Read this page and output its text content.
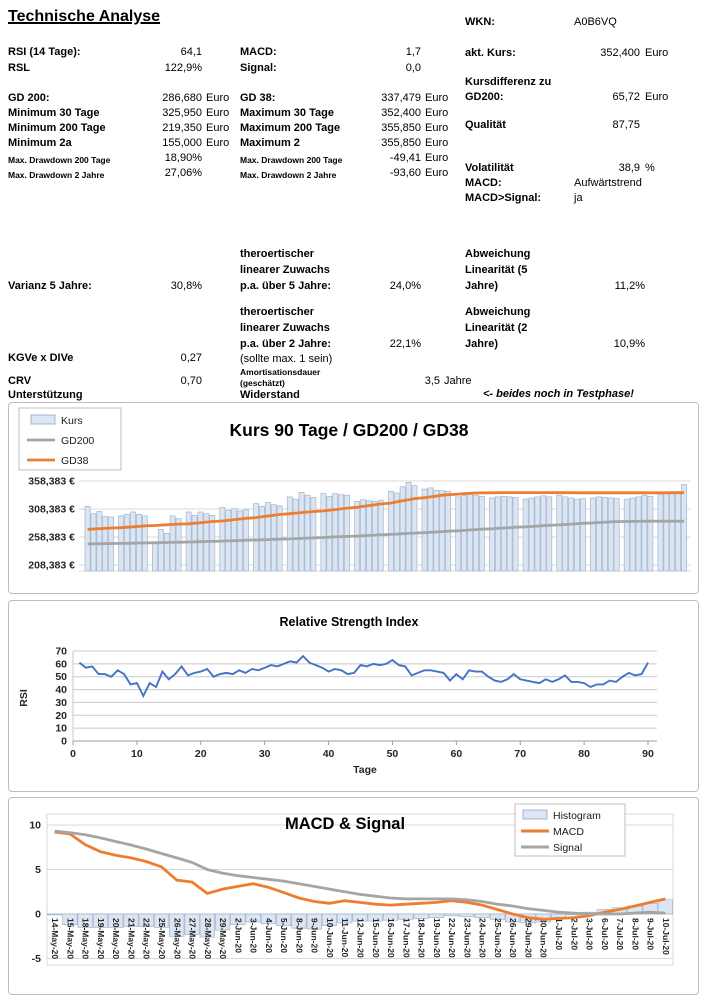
Technische Analyse	WKN:	A0B6VQ
RSI (14 Tage):	64,1
RSL	122,9%
GD 200:	286,680 Euro
Minimum 30 Tage	325,950 Euro
Minimum 200 Tage	219,350 Euro
Minimum 2a	155,000 Euro
Max. Drawdown 200 Tage	18,90%
Max. Drawdown 2 Jahre	27,06%
MACD:	1,7
Signal:	0,0
GD 38:	337,479 Euro
Maximum 30 Tage	352,400 Euro
Maximum 200 Tage	355,850 Euro
Maximum 2	355,850 Euro
Max. Drawdown 200 Tage	-49,41 Euro
Max. Drawdown 2 Jahre	-93,60 Euro
akt. Kurs:	352,400 Euro
Kursdifferenz zu
GD200:	65,72 Euro
Qualität	87,75
Volatilität	38,9 %
MACD:	Aufwärtstrend
MACD>Signal:	ja
Varianz 5 Jahre:	30,8%
KGVe x DIVe	0,27
CRV	0,70
Unterstützung
theroertischer
linearer Zuwachs
p.a. über 5 Jahre:	24,0%
theroertischer
linearer Zuwachs
p.a. über 2 Jahre:	22,1%
(sollte max. 1 sein)
Amortisationsdauer
(geschätzt)	3,5 Jahre
Widerstand
Abweichung
Linearität (5
Jahre)	11,2%
Abweichung
Linearität (2
Jahre)	10,9%
<- beides noch in Testphase!
358,383 €
308,383 €
258,383 €
208,383 €
Kurs 90 Tage / GD200 / GD38
Kurs
GD200
GD38
0
10
20
30
40
50
60
70
0	10	20	30	40	50	60	70	80	90
Relative Strength Index
RSI
Tage
10
5
0
-5 14-May-20 15-May-20 18-May-20 19-May-20 20-May-20 21-May-20 22-May-20 25-May-20 26-May-20 27-May-20 28-May-20 29-May-20 2-Jun-20 3-Jun-20 4-Jun-20 5-Jun-20 8-Jun-20 9-Jun-20 10-Jun-20 11-Jun-20 12-Jun-20 15-Jun-20 16-Jun-20 17-Jun-20 18-Jun-20 19-Jun-20 22-Jun-20 23-Jun-20 24-Jun-20 25-Jun-20 26-Jun-20 29-Jun-20 30-Jun-20 1-Jul-20 2-Jul-20 3-Jul-20 6-Jul-20 7-Jul-20 8-Jul-20 9-Jul-20 10-Jul-20
MACD & Signal	Histogram
MACD
Signal
